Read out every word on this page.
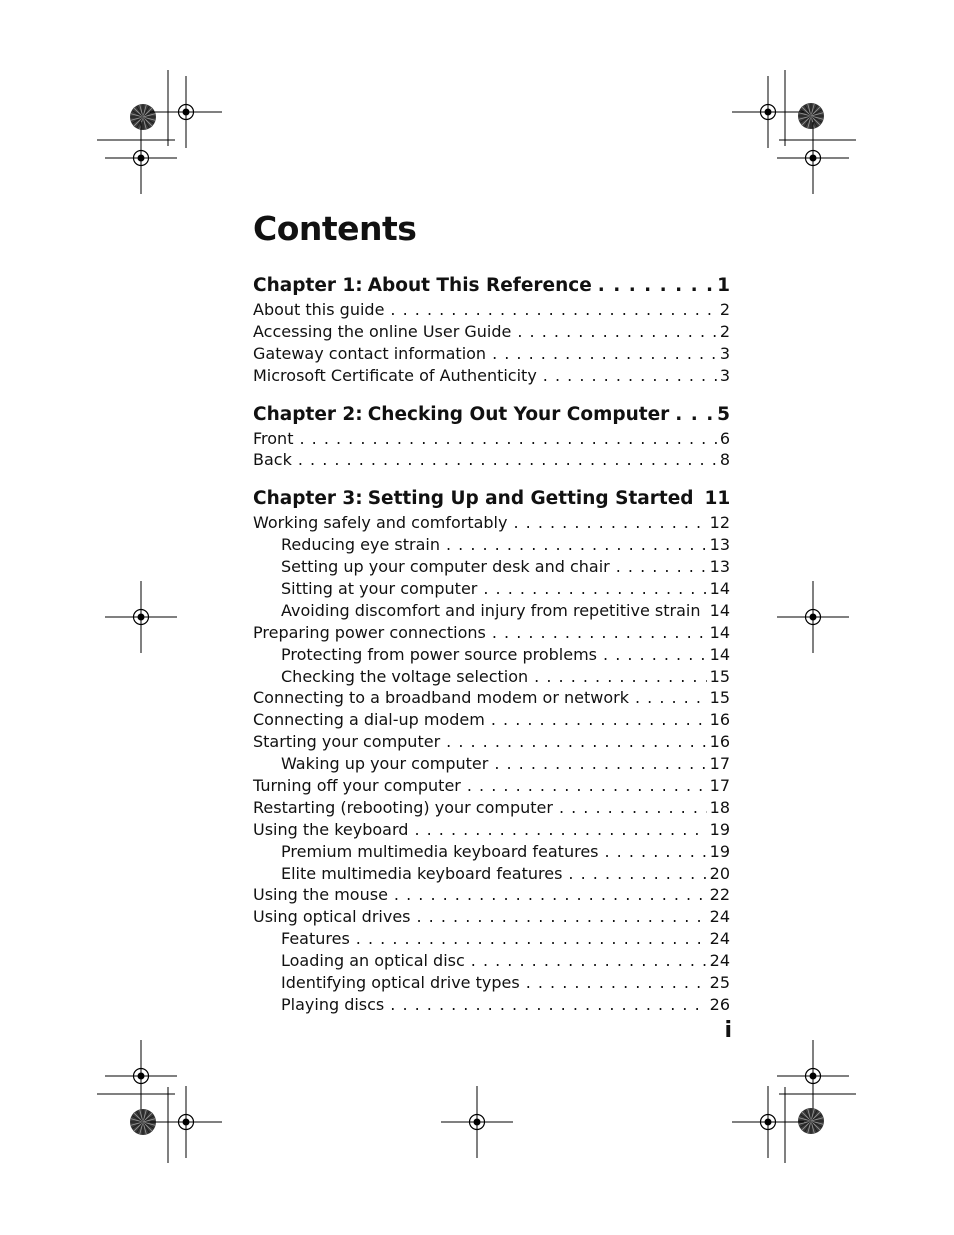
Contents
Chapter 1: About This Reference . . .	1
About this guide . . .	2
Accessing the online User Guide . . .	2
Gateway contact information . . .	3
Microsoft Certificate of Authenticity . . .	3
Chapter 2: Checking Out Your Computer . . .	5
Front . . .	6
Back . . .	8
Chapter 3: Setting Up and Getting Started 11
Working safely and comfortably . . .	12
Reducing eye strain . . .	13
Setting up your computer desk and chair . . .	13
Sitting at your computer . . .	14
Avoiding discomfort and injury from repetitive strain . . . 14
Preparing power connections . . .	14
Protecting from power source problems . . .	14
Checking the voltage selection . . .	15
Connecting to a broadband modem or network . . .	15
Connecting a dial-up modem . . .	16
Starting your computer . . .	16
Waking up your computer . . .	17
Turning off your computer . . .	17
Restarting (rebooting) your computer . . .	18
Using the keyboard . . .	19
Premium multimedia keyboard features . . .	19
Elite multimedia keyboard features . . .	20
Using the mouse . . .	22
Using optical drives . . .	24
Features . . .	24
Loading an optical disc . . .	24
Identifying optical drive types . . .	25
Playing discs . . .	26
i
